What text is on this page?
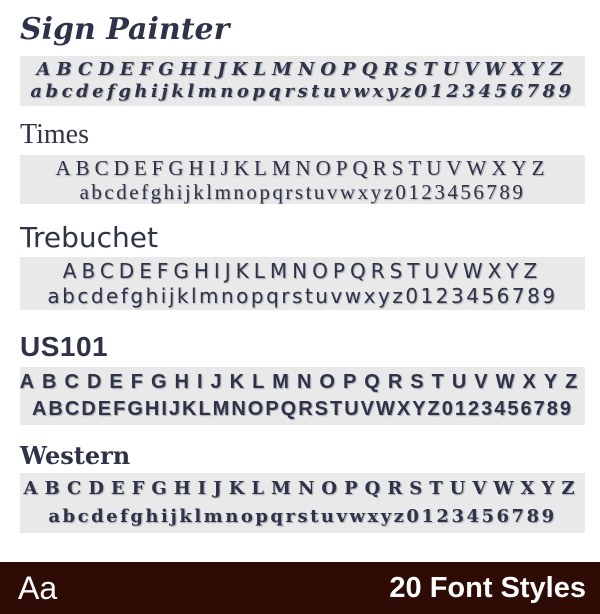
Sign Painter
ABCDEFGHIJKLMNOPQRSTUVWXYZ
abcdefghijklmnopqrstuvwxyz0123456789
Times
ABCDEFGHIJKLMNOPQRSTUVWXYZ
abcdefghijklmnopqrstuvwxyz0123456789
Trebuchet
ABCDEFGHIJKLMNOPQRSTUVWXYZ
abcdefghijklmnopqrstuvwxyz0123456789
US101
ABCDEFGHIJKLMNOPQRSTUVWXYZ
ABCDEFGHIJKLMNOPQRSTUVWXYZ0123456789
Western
ABCDEFGHIJKLMNOPQRSTUVWXYZ
abcdefghijklmnopqrstuvwxyz0123456789
Aa	20 Font Styles
